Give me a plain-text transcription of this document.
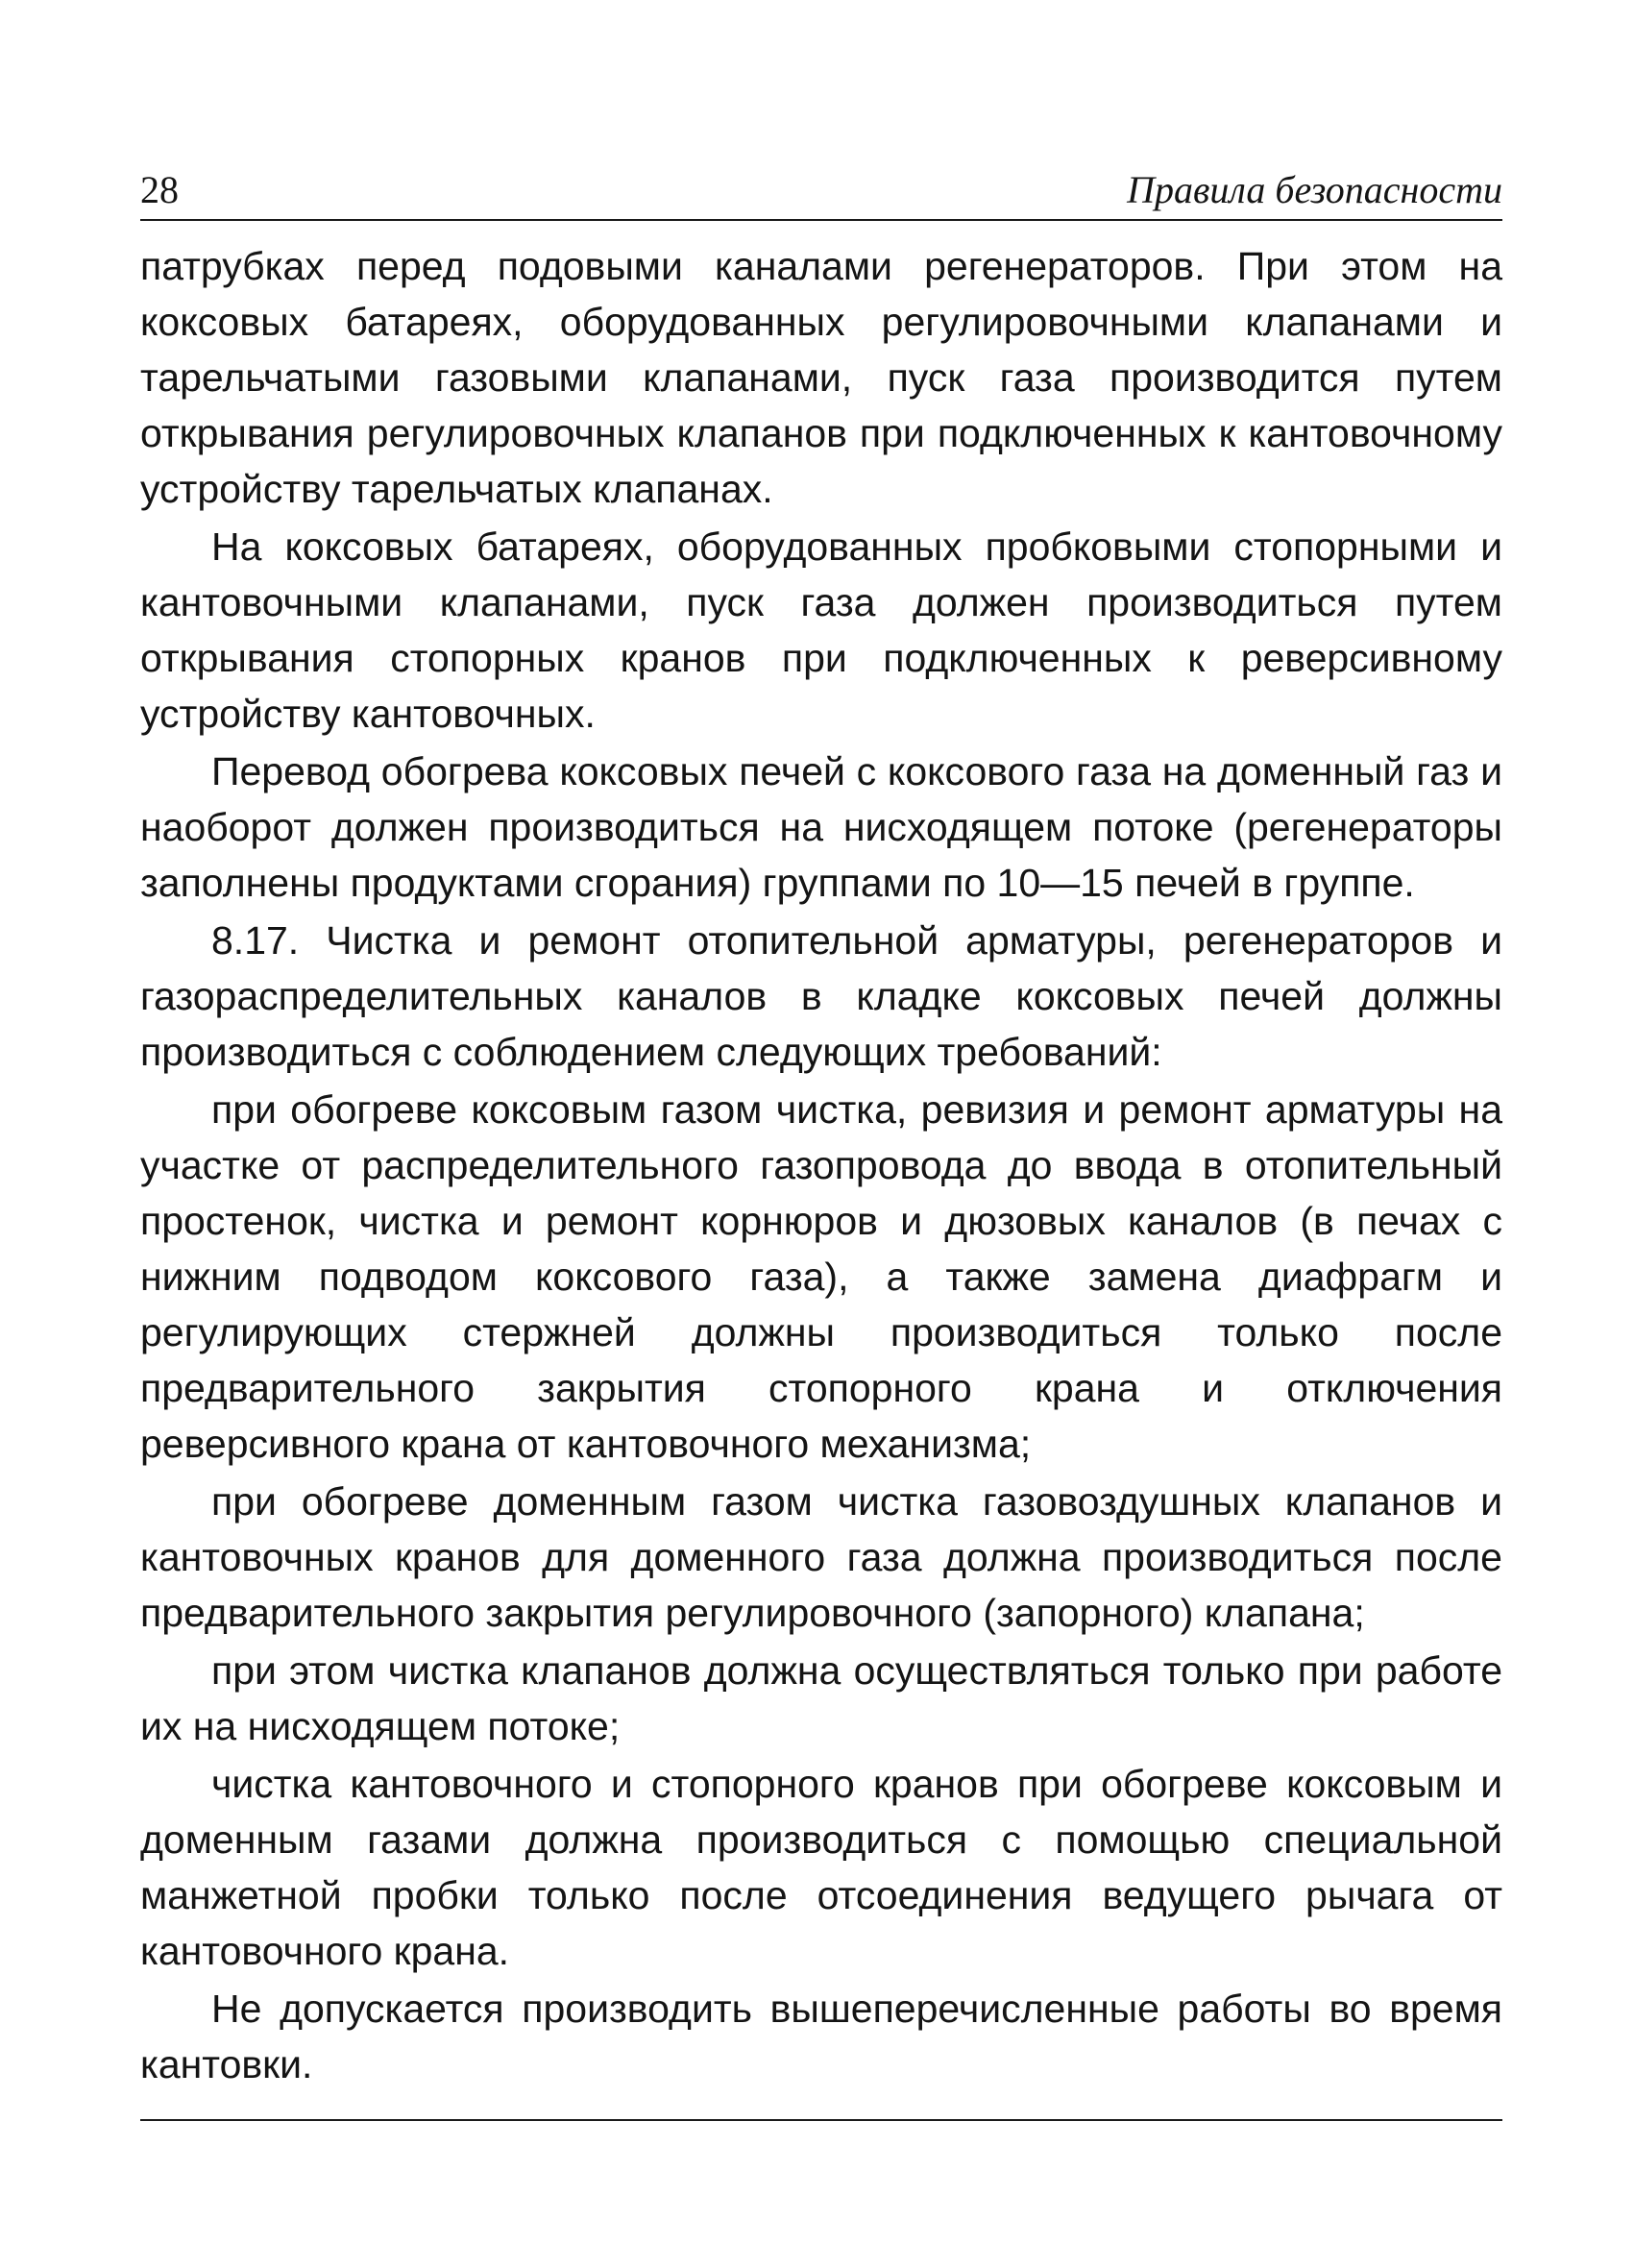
28	Правила безопасности

патрубках перед подовыми каналами регенераторов. При этом на коксовых батареях, оборудованных регулировочными клапанами и тарельчатыми газовыми клапанами, пуск газа производится путем открывания регулировочных клапанов при подключенных к кантовочному устройству тарельчатых клапанах.

На коксовых батареях, оборудованных пробковыми стопорными и кантовочными клапанами, пуск газа должен производиться путем открывания стопорных кранов при подключенных к реверсивному устройству кантовочных.

Перевод обогрева коксовых печей с коксового газа на доменный газ и наоборот должен производиться на нисходящем потоке (регенераторы заполнены продуктами сгорания) группами по 10—15 печей в группе.

8.17. Чистка и ремонт отопительной арматуры, регенераторов и газораспределительных каналов в кладке коксовых печей должны производиться с соблюдением следующих требований:

при обогреве коксовым газом чистка, ревизия и ремонт арматуры на участке от распределительного газопровода до ввода в отопительный простенок, чистка и ремонт корнюров и дюзовых каналов (в печах с нижним подводом коксового газа), а также замена диафрагм и регулирующих стержней должны производиться только после предварительного закрытия стопорного крана и отключения реверсивного крана от кантовочного механизма;

при обогреве доменным газом чистка газовоздушных клапанов и кантовочных кранов для доменного газа должна производиться после предварительного закрытия регулировочного (запорного) клапана;

при этом чистка клапанов должна осуществляться только при работе их на нисходящем потоке;

чистка кантовочного и стопорного кранов при обогреве коксовым и доменным газами должна производиться с помощью специальной манжетной пробки только после отсоединения ведущего рычага от кантовочного крана.

Не допускается производить вышеперечисленные работы во время кантовки.
